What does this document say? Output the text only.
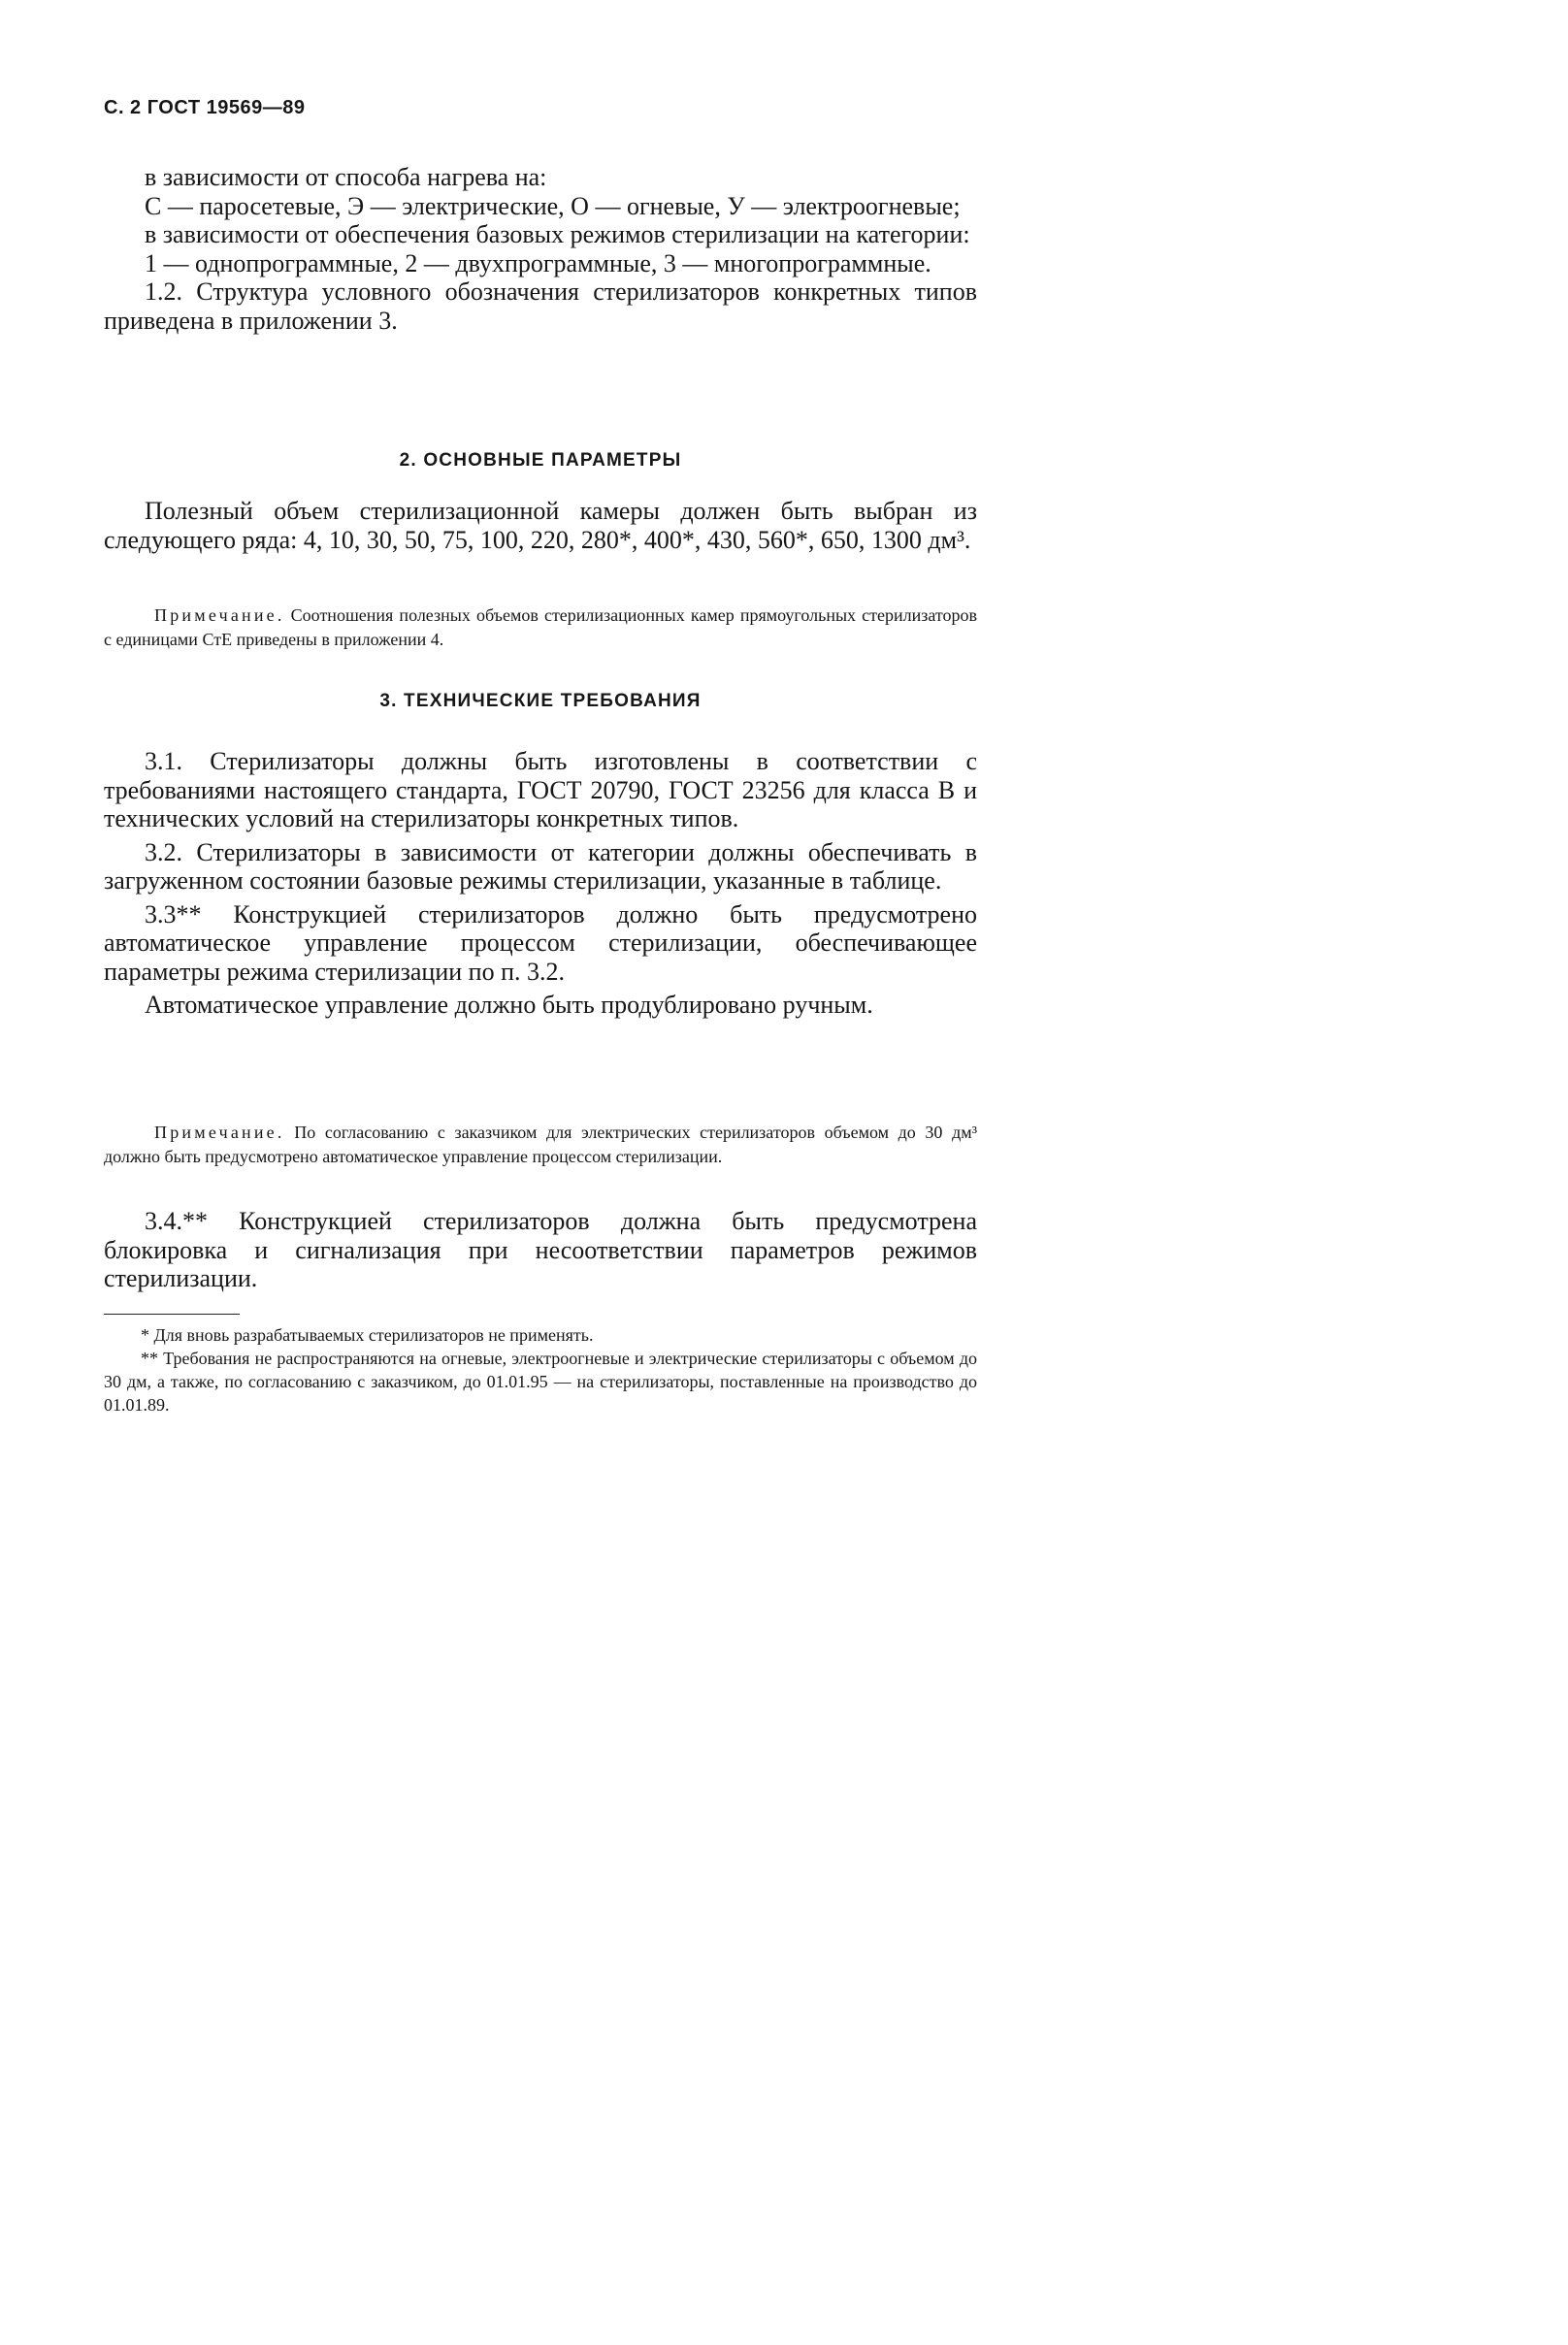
С. 2 ГОСТ 19569—89

в зависимости от способа нагрева на:

С — паросетевые, Э — электрические, О — огневые, У — электроогневые;

в зависимости от обеспечения базовых режимов стерилизации на категории:

1 — однопрограммные, 2 — двухпрограммные, 3 — многопрограммные.

1.2. Структура условного обозначения стерилизаторов конкретных типов приведена в приложении 3.

2. ОСНОВНЫЕ ПАРАМЕТРЫ

Полезный объем стерилизационной камеры должен быть выбран из следующего ряда: 4, 10, 30, 50, 75, 100, 220, 280*, 400*, 430, 560*, 650, 1300 дм³.

Примечание. Соотношения полезных объемов стерилизационных камер прямоугольных стерилизаторов с единицами СтЕ приведены в приложении 4.

3. ТЕХНИЧЕСКИЕ ТРЕБОВАНИЯ

3.1. Стерилизаторы должны быть изготовлены в соответствии с требованиями настоящего стандарта, ГОСТ 20790, ГОСТ 23256 для класса В и технических условий на стерилизаторы конкретных типов.

3.2. Стерилизаторы в зависимости от категории должны обеспечивать в загруженном состоянии базовые режимы стерилизации, указанные в таблице.

3.3** Конструкцией стерилизаторов должно быть предусмотрено автоматическое управление процессом стерилизации, обеспечивающее параметры режима стерилизации по п. 3.2.

Автоматическое управление должно быть продублировано ручным.

Примечание. По согласованию с заказчиком для электрических стерилизаторов объемом до 30 дм³ должно быть предусмотрено автоматическое управление процессом стерилизации.

3.4.** Конструкцией стерилизаторов должна быть предусмотрена блокировка и сигнализация при несоответствии параметров режимов стерилизации.

* Для вновь разрабатываемых стерилизаторов не применять.

** Требования не распространяются на огневые, электроогневые и электрические стерилизаторы с объемом до 30 дм, а также, по согласованию с заказчиком, до 01.01.95 — на стерилизаторы, поставленные на производство до 01.01.89.
